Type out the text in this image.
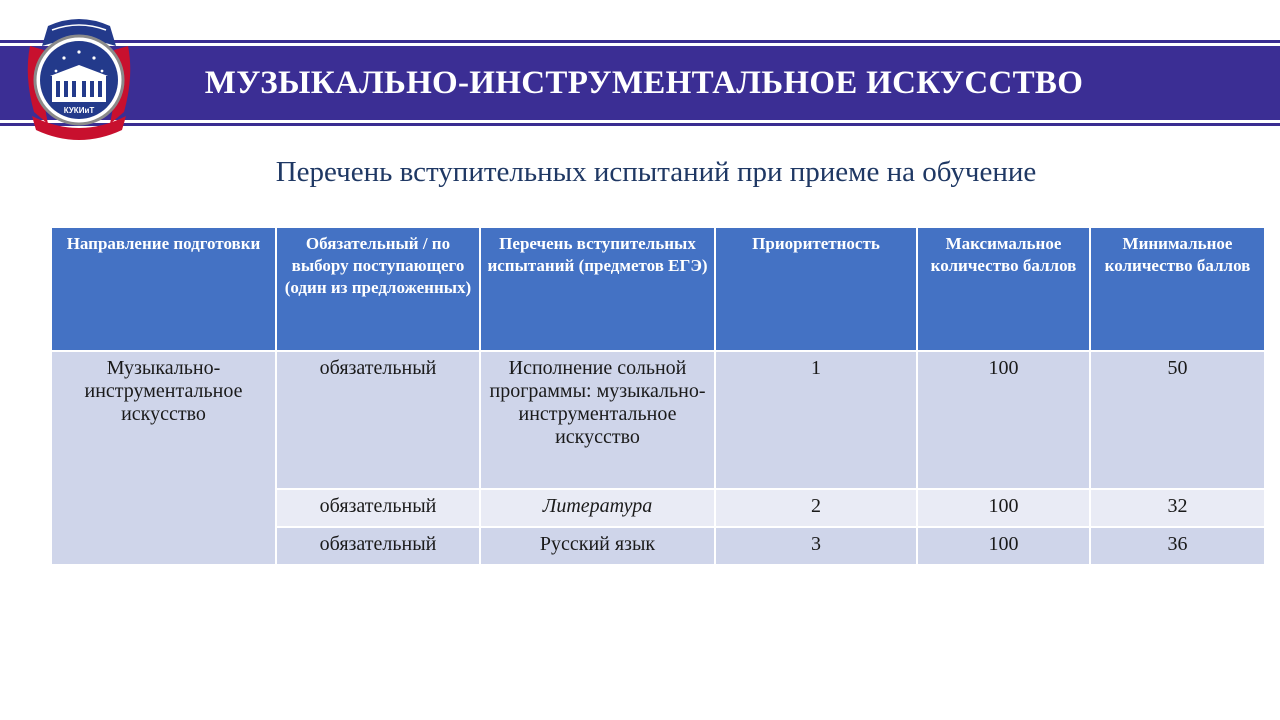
МУЗЫКАЛЬНО-ИНСТРУМЕНТАЛЬНОЕ ИСКУССТВО
КУКИиТ
Перечень вступительных испытаний при приеме на обучение
Направление подготовки	Обязательный / по выбору поступающего (один из предложенных)	Перечень вступительных испытаний (предметов ЕГЭ)	Приоритетность	Максимальное количество баллов	Минимальное количество баллов
Музыкально-инструментальное искусство	обязательный	Исполнение сольной программы: музыкально-инструментальное искусство	1	100	50
	обязательный	Литература	2	100	32
	обязательный	Русский язык	3	100	36
